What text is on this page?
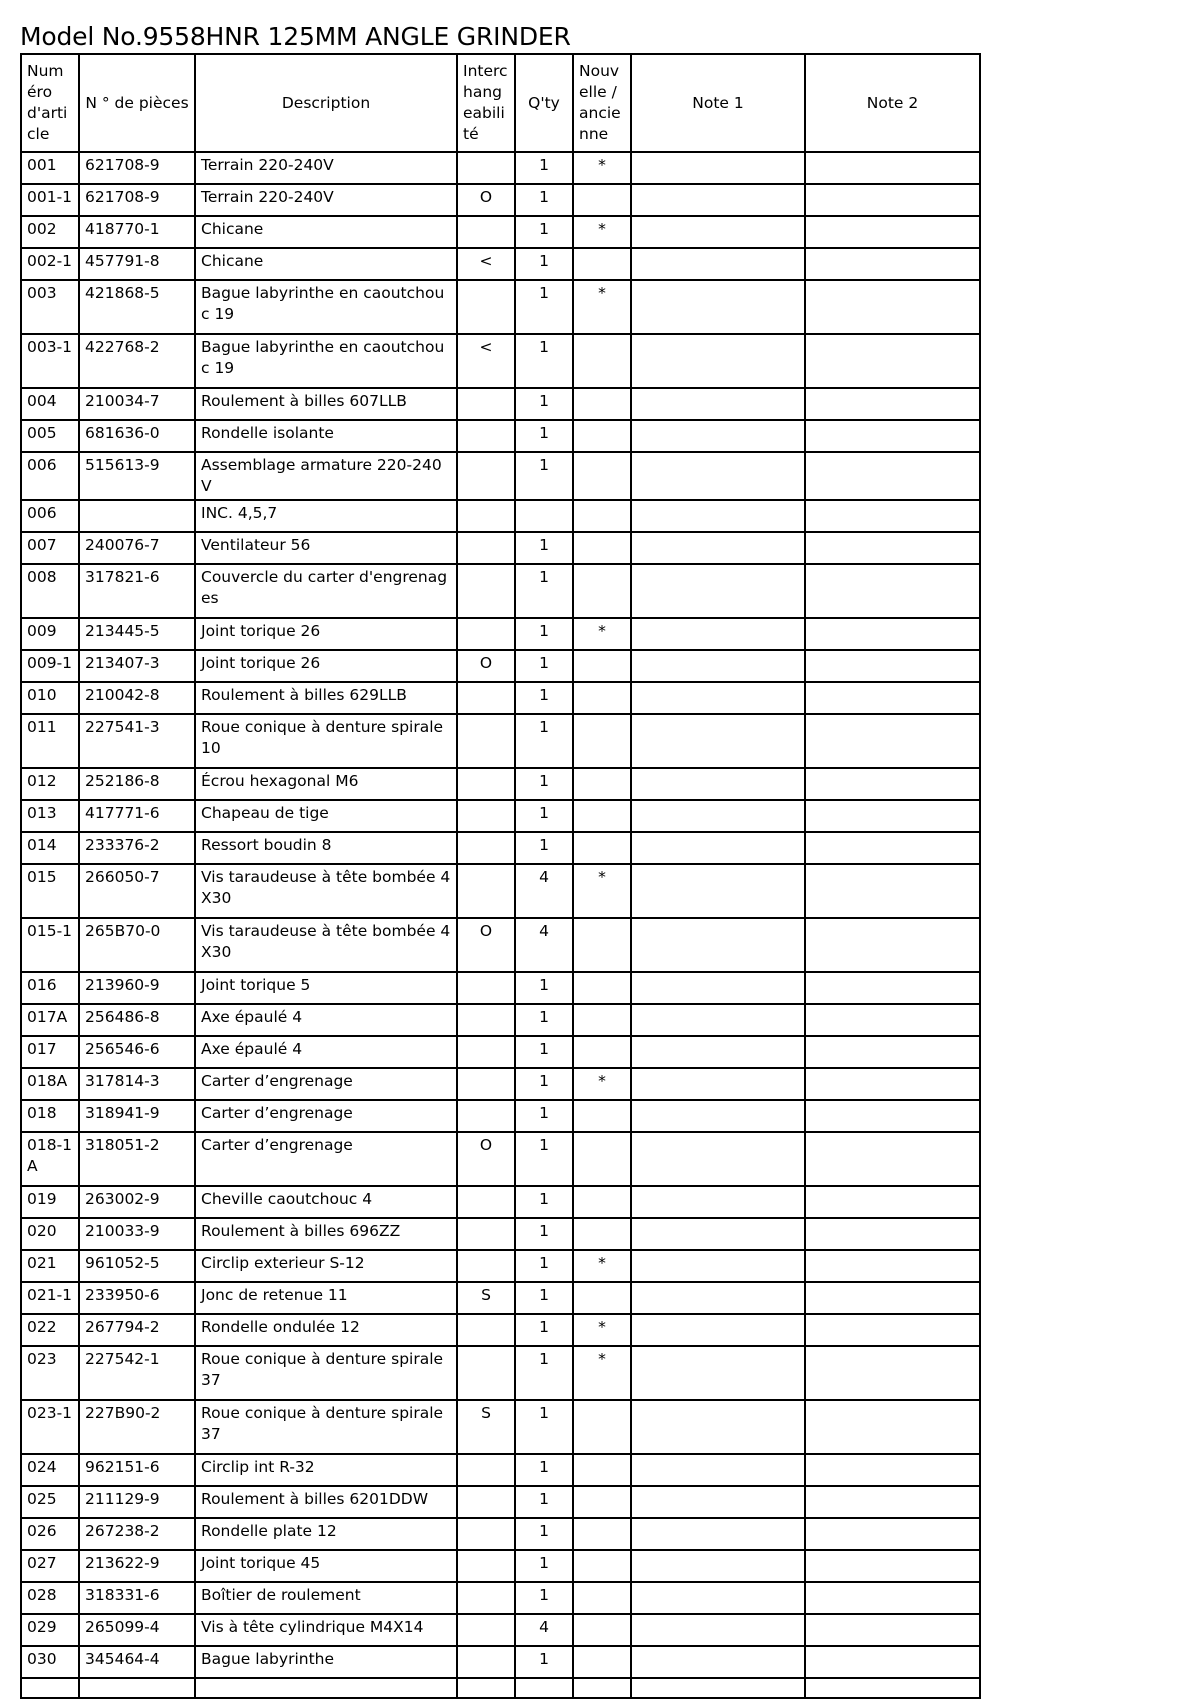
Model No.9558HNR 125MM ANGLE GRINDER
Numéro d'article	N ° de pièces	Description	Interchangeabilité	Q'ty	Nouvelle / ancienne	Note 1	Note 2
001	621708-9	Terrain 220-240V		1	*		
001-1	621708-9	Terrain 220-240V	O	1			
002	418770-1	Chicane		1	*		
002-1	457791-8	Chicane	<	1			
003	421868-5	Bague labyrinthe en caoutchouc 19		1	*		
003-1	422768-2	Bague labyrinthe en caoutchouc 19	<	1			
004	210034-7	Roulement à billes 607LLB		1			
005	681636-0	Rondelle isolante		1			
006	515613-9	Assemblage armature 220-240V		1			
006		INC. 4,5,7					
007	240076-7	Ventilateur 56		1			
008	317821-6	Couvercle du carter d'engrenages		1			
009	213445-5	Joint torique 26		1	*		
009-1	213407-3	Joint torique 26	O	1			
010	210042-8	Roulement à billes 629LLB		1			
011	227541-3	Roue conique à denture spirale 10		1			
012	252186-8	Écrou hexagonal M6		1			
013	417771-6	Chapeau de tige		1			
014	233376-2	Ressort boudin 8		1			
015	266050-7	Vis taraudeuse à tête bombée 4X30		4	*		
015-1	265B70-0	Vis taraudeuse à tête bombée 4X30	O	4			
016	213960-9	Joint torique 5		1			
017A	256486-8	Axe épaulé 4		1			
017	256546-6	Axe épaulé 4		1			
018A	317814-3	Carter d’engrenage		1	*		
018	318941-9	Carter d’engrenage		1			
018-1A	318051-2	Carter d’engrenage	O	1			
019	263002-9	Cheville caoutchouc 4		1			
020	210033-9	Roulement à billes 696ZZ		1			
021	961052-5	Circlip exterieur S-12		1	*		
021-1	233950-6	Jonc de retenue 11	S	1			
022	267794-2	Rondelle ondulée 12		1	*		
023	227542-1	Roue conique à denture spirale 37		1	*		
023-1	227B90-2	Roue conique à denture spirale 37	S	1			
024	962151-6	Circlip int R-32		1			
025	211129-9	Roulement à billes 6201DDW		1			
026	267238-2	Rondelle plate 12		1			
027	213622-9	Joint torique 45		1			
028	318331-6	Boîtier de roulement		1			
029	265099-4	Vis à tête cylindrique M4X14		4			
030	345464-4	Bague labyrinthe		1			
